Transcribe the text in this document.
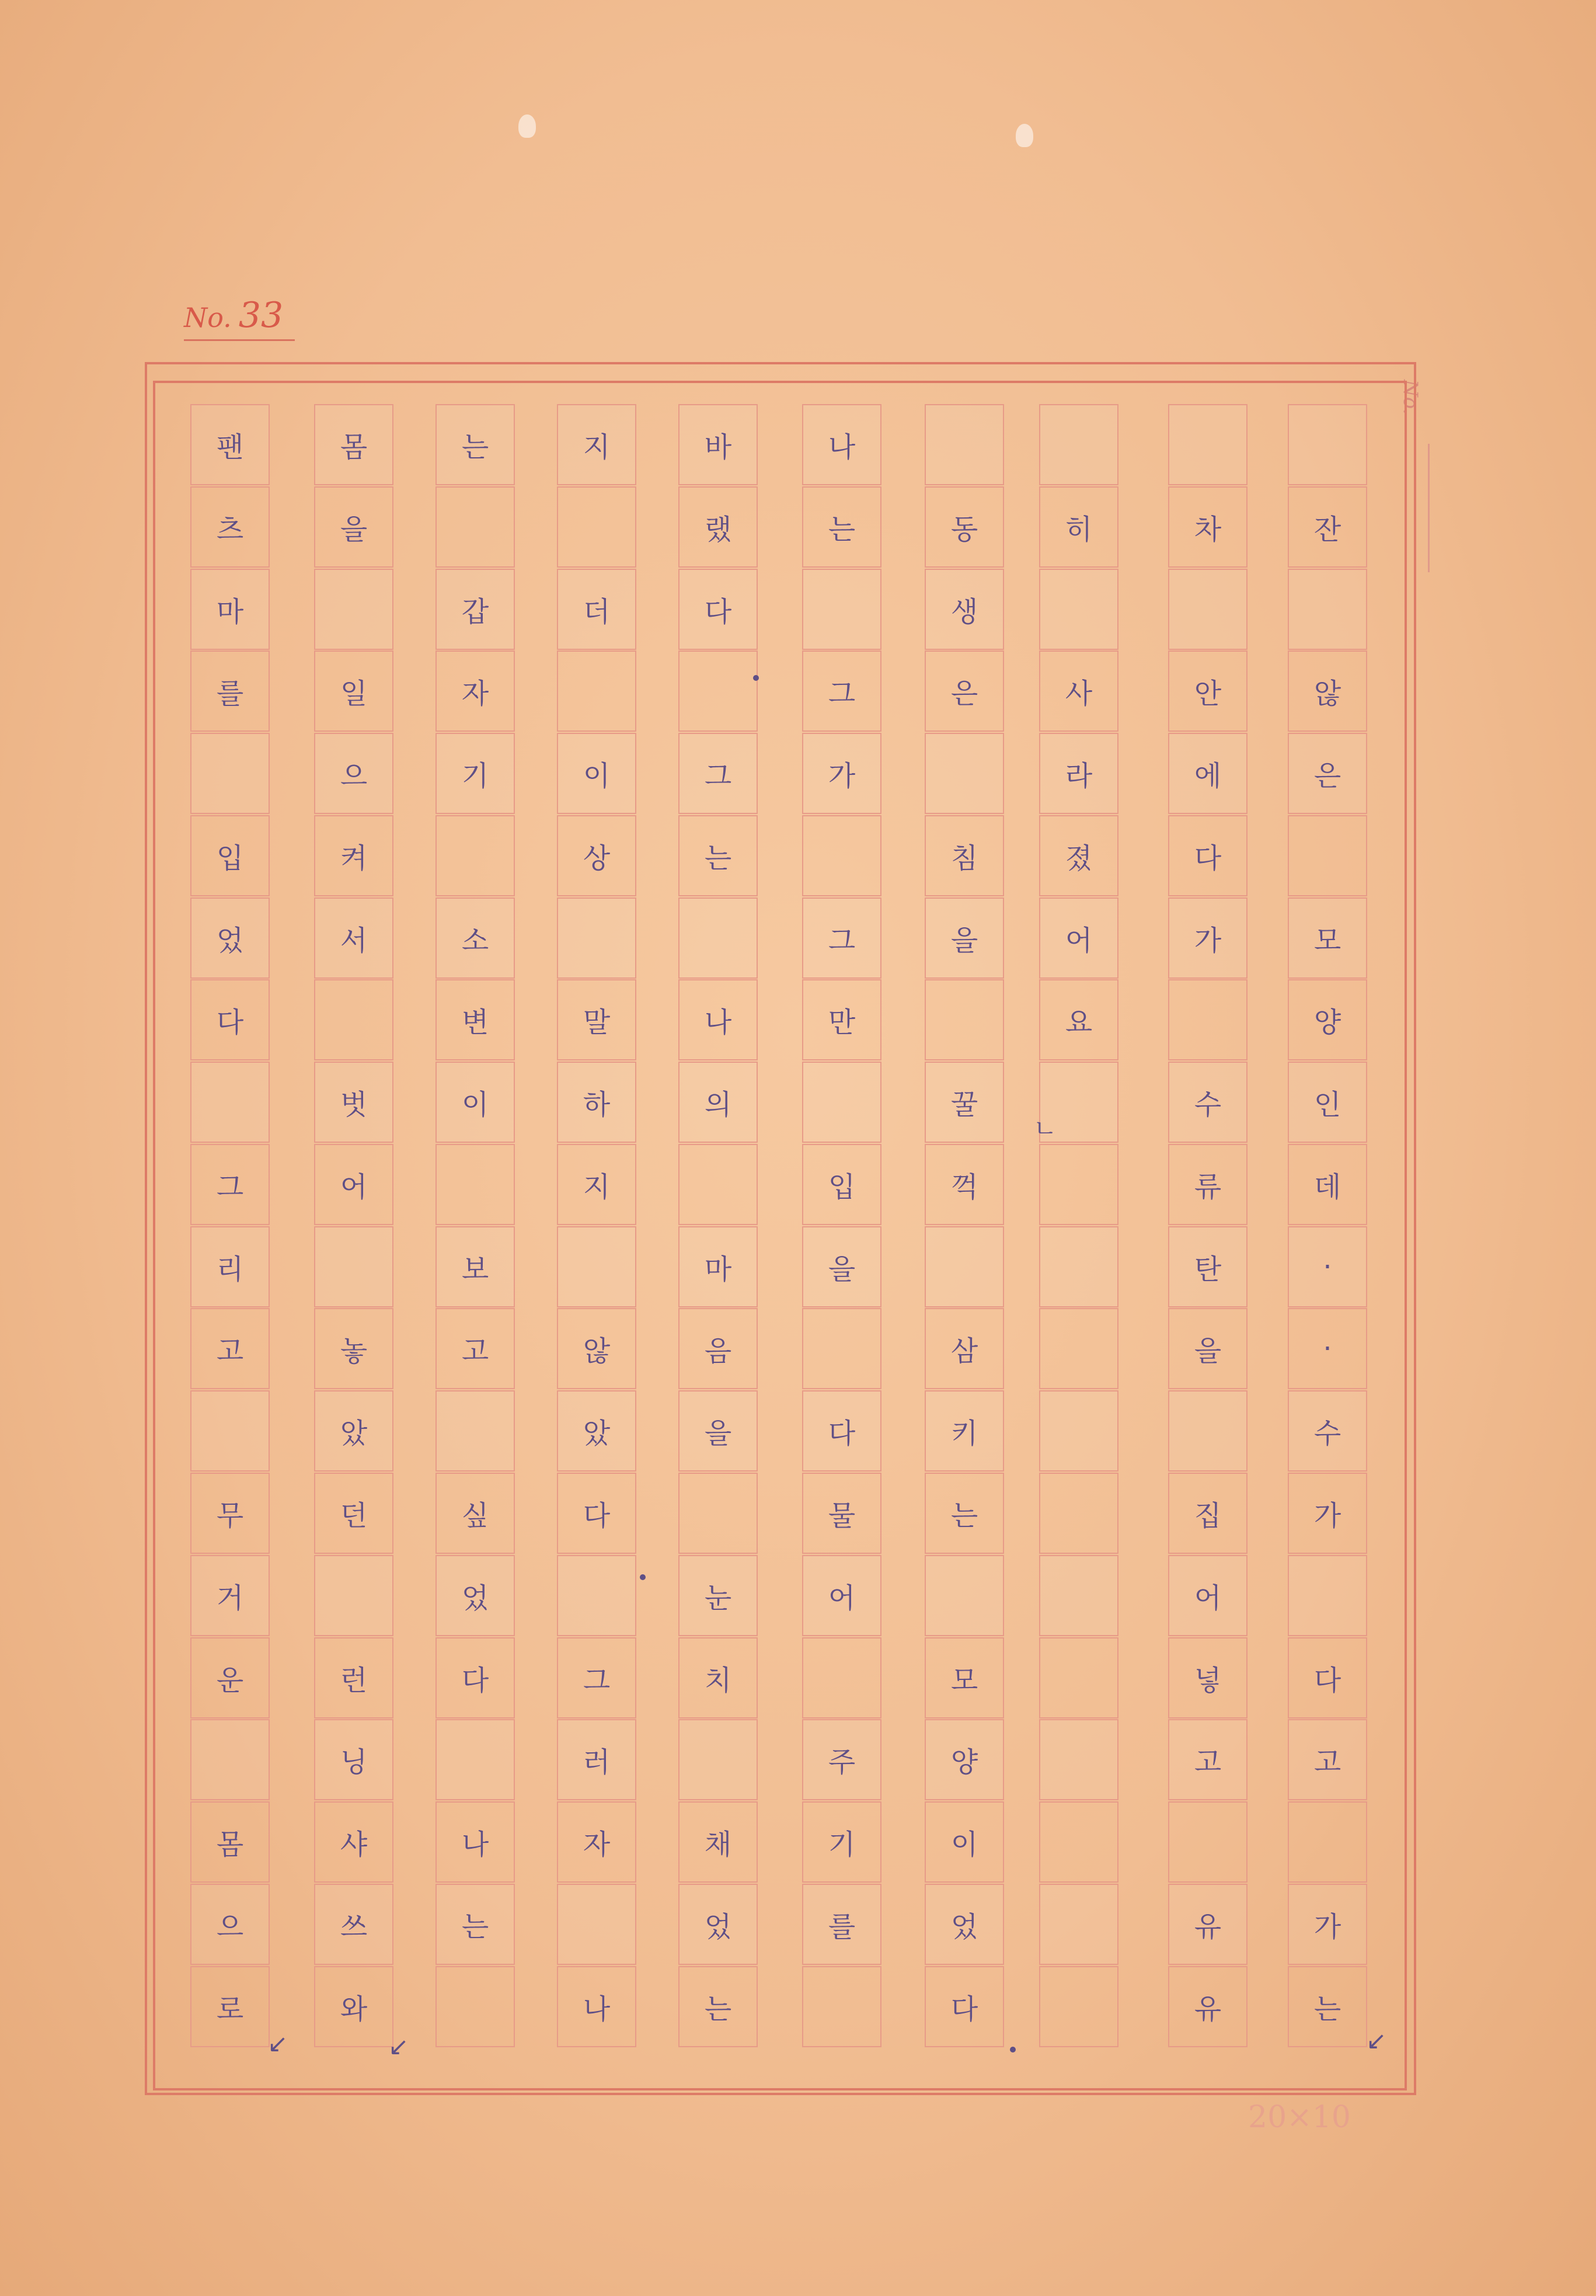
No. 33
No.
잔
않
은
모
양
인
데
·
·
수
가
다
고
가
는
차
안
에
다
가
수
류
탄
을
집
어
넣
고
유
유
히
사
라
졌
어
요
동
생
은
침
을
꿀
꺽
삼
키
는
모
양
이
었
다
나
는
그
가
그
만
입
을
다
물
어
주
기
를
바
랬
다
그
는
나
의
마
음
을
눈
치
채
었
는
지
더
이
상
말
하
지
않
았
다
그
러
자
나
는
갑
자
기
소
변
이
보
고
싶
었
다
나
는
몸
을
일
으
켜
서
벗
어
놓
았
던
런
닝
샤
쓰
와
팬
츠
마
를
입
었
다
그
리
고
무
거
운
몸
으
로
20×10
↙	↙	↙
ㄴ
